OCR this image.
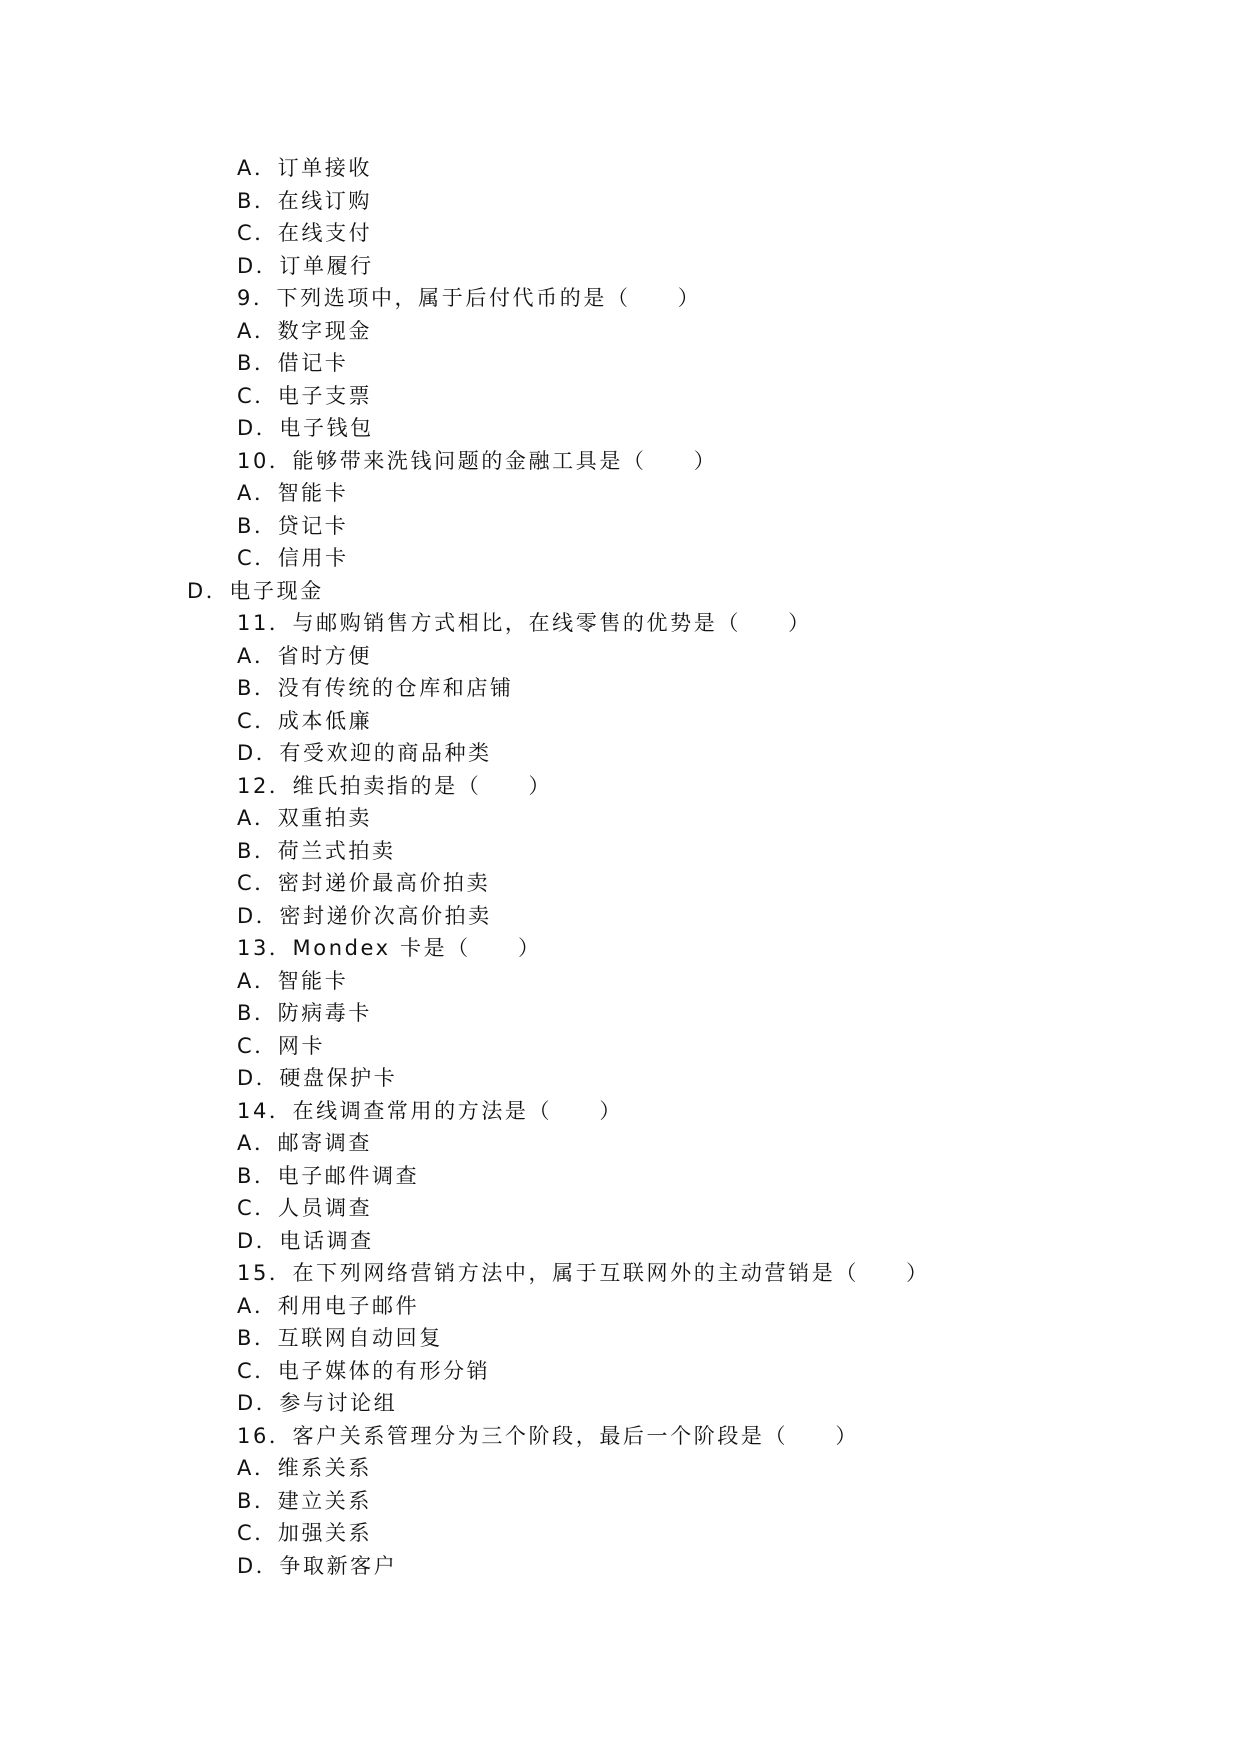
A．订单接收
B．在线订购
C．在线支付
D．订单履行
9．下列选项中，属于后付代币的是（　　）
A．数字现金
B．借记卡
C．电子支票
D．电子钱包
10．能够带来洗钱问题的金融工具是（　　）
A．智能卡
B．贷记卡
C．信用卡
D．电子现金
11．与邮购销售方式相比，在线零售的优势是（　　）
A．省时方便
B．没有传统的仓库和店铺
C．成本低廉
D．有受欢迎的商品种类
12．维氏拍卖指的是（　　）
A．双重拍卖
B．荷兰式拍卖
C．密封递价最高价拍卖
D．密封递价次高价拍卖
13．Mondex 卡是（　　）
A．智能卡
B．防病毒卡
C．网卡
D．硬盘保护卡
14．在线调查常用的方法是（　　）
A．邮寄调查
B．电子邮件调查
C．人员调查
D．电话调查
15．在下列网络营销方法中，属于互联网外的主动营销是（　　）
A．利用电子邮件
B．互联网自动回复
C．电子媒体的有形分销
D．参与讨论组
16．客户关系管理分为三个阶段，最后一个阶段是（　　）
A．维系关系
B．建立关系
C．加强关系
D．争取新客户
